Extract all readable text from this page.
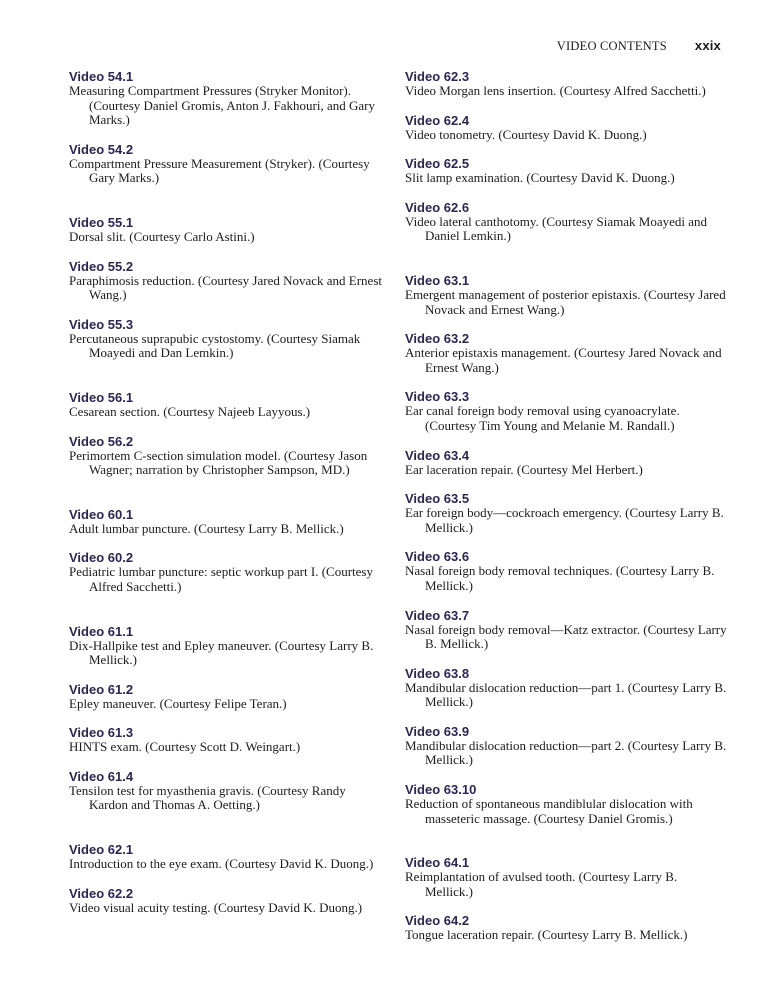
VIDEO CONTENTS xxix
Video 54.1
Measuring Compartment Pressures (Stryker Monitor). (Courtesy Daniel Gromis, Anton J. Fakhouri, and Gary Marks.)
Video 54.2
Compartment Pressure Measurement (Stryker). (Courtesy Gary Marks.)
Video 55.1
Dorsal slit. (Courtesy Carlo Astini.)
Video 55.2
Paraphimosis reduction. (Courtesy Jared Novack and Ernest Wang.)
Video 55.3
Percutaneous suprapubic cystostomy. (Courtesy Siamak Moayedi and Dan Lemkin.)
Video 56.1
Cesarean section. (Courtesy Najeeb Layyous.)
Video 56.2
Perimortem C-section simulation model. (Courtesy Jason Wagner; narration by Christopher Sampson, MD.)
Video 60.1
Adult lumbar puncture. (Courtesy Larry B. Mellick.)
Video 60.2
Pediatric lumbar puncture: septic workup part I. (Courtesy Alfred Sacchetti.)
Video 61.1
Dix-Hallpike test and Epley maneuver. (Courtesy Larry B. Mellick.)
Video 61.2
Epley maneuver. (Courtesy Felipe Teran.)
Video 61.3
HINTS exam. (Courtesy Scott D. Weingart.)
Video 61.4
Tensilon test for myasthenia gravis. (Courtesy Randy Kardon and Thomas A. Oetting.)
Video 62.1
Introduction to the eye exam. (Courtesy David K. Duong.)
Video 62.2
Video visual acuity testing. (Courtesy David K. Duong.)
Video 62.3
Video Morgan lens insertion. (Courtesy Alfred Sacchetti.)
Video 62.4
Video tonometry. (Courtesy David K. Duong.)
Video 62.5
Slit lamp examination. (Courtesy David K. Duong.)
Video 62.6
Video lateral canthotomy. (Courtesy Siamak Moayedi and Daniel Lemkin.)
Video 63.1
Emergent management of posterior epistaxis. (Courtesy Jared Novack and Ernest Wang.)
Video 63.2
Anterior epistaxis management. (Courtesy Jared Novack and Ernest Wang.)
Video 63.3
Ear canal foreign body removal using cyanoacrylate. (Courtesy Tim Young and Melanie M. Randall.)
Video 63.4
Ear laceration repair. (Courtesy Mel Herbert.)
Video 63.5
Ear foreign body—cockroach emergency. (Courtesy Larry B. Mellick.)
Video 63.6
Nasal foreign body removal techniques. (Courtesy Larry B. Mellick.)
Video 63.7
Nasal foreign body removal—Katz extractor. (Courtesy Larry B. Mellick.)
Video 63.8
Mandibular dislocation reduction—part 1. (Courtesy Larry B. Mellick.)
Video 63.9
Mandibular dislocation reduction—part 2. (Courtesy Larry B. Mellick.)
Video 63.10
Reduction of spontaneous mandiblular dislocation with masseteric massage. (Courtesy Daniel Gromis.)
Video 64.1
Reimplantation of avulsed tooth. (Courtesy Larry B. Mellick.)
Video 64.2
Tongue laceration repair. (Courtesy Larry B. Mellick.)
